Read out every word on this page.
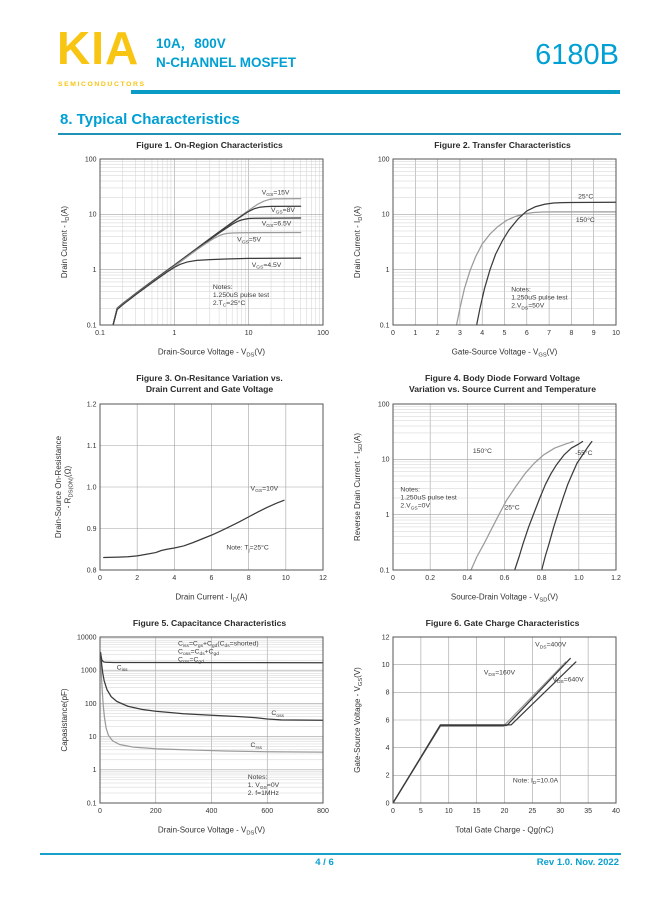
KIA
SEMICONDUCTORS
10A，800V
N-CHANNEL MOSFET	6180B
8. Typical Characteristics
Figure 1. On-Region Characteristics
0.1	1	10	100
0.1
1
10
100
Drain-Source Voltage - $V_{DS}(V)$
Drain Current - $I_D(A)$
$V_{GS}=15V$
$V_{GS}=8V$
$V_{GS}=6.5V$
$V_{GS}=5V$
$V_{GS}=4.5V$
Notes:
1.250uS pulse test
$2.T_C=25^\circ C$
Figure 2. Transfer Characteristics
0	1	2	3	4	5	6	7	8	9 10
0.1
1
10
100
Gate-Source Voltage - $V_{GS}(V)$
Drain Current - $I_D(A)$
25°C
150°C
Notes:
1.250uS pulse test
$2.V_{DS}=50V$
Figure 3. On-Resitance Variation vs.
Drain Current and Gate Voltage
0	2	4	6	8	10	12
0.8
0.9
1.0
1.1
1.2
Drain Current - $I_D(A)$
Drain-Source On-Resistance - $R_{DS(ON)}(\Omega)$
$V_{GS}=10V$
Note: $T_j=25^\circ C$
Figure 4. Body Diode Forward Voltage
Variation vs. Source Current and Temperature
0	0.2	0.4	0.6	0.8	1.0	1.2
0.1
1
10
100
Source-Drain Voltage - $V_{SD}(V)$
Reverse Drain Current - $I_{SD}(A)$
150°C
25°C
-55°C
Notes:
1.250uS pulse test
$2.V_{GS}=0V$
Figure 5. Capacitance Characteristics
0	200	400	600	800
0.1
1
10
100
1000
10000
Drain-Source Voltage - $V_{DS}(V)$
Capasistance(pF)
$C_{iss}$
$C_{oss}$
$C_{rss}$
$C_{iss}=C_{gs}+C_{gd}(C_{ds}=shorted)$
$C_{oss}=C_{ds}+C_{gd}$
$C_{rss}=C_{gd}$
Notes:
1. $V_{GS}=0V$
2. f=1MHz
Figure 6. Gate Charge Characteristics
0	5	10	15	20	25	30	35	40
0
2
4
6
8
10
12
Total Gate Charge - Qg(nC)
Gate-Source Voltage - $V_{GS}(V)$
$V_{DS}=400V$
$V_{DS}=160V$
$V_{DS}=640V$
Note: $I_D=10.0A$
4 / 6	Rev 1.0. Nov. 2022
